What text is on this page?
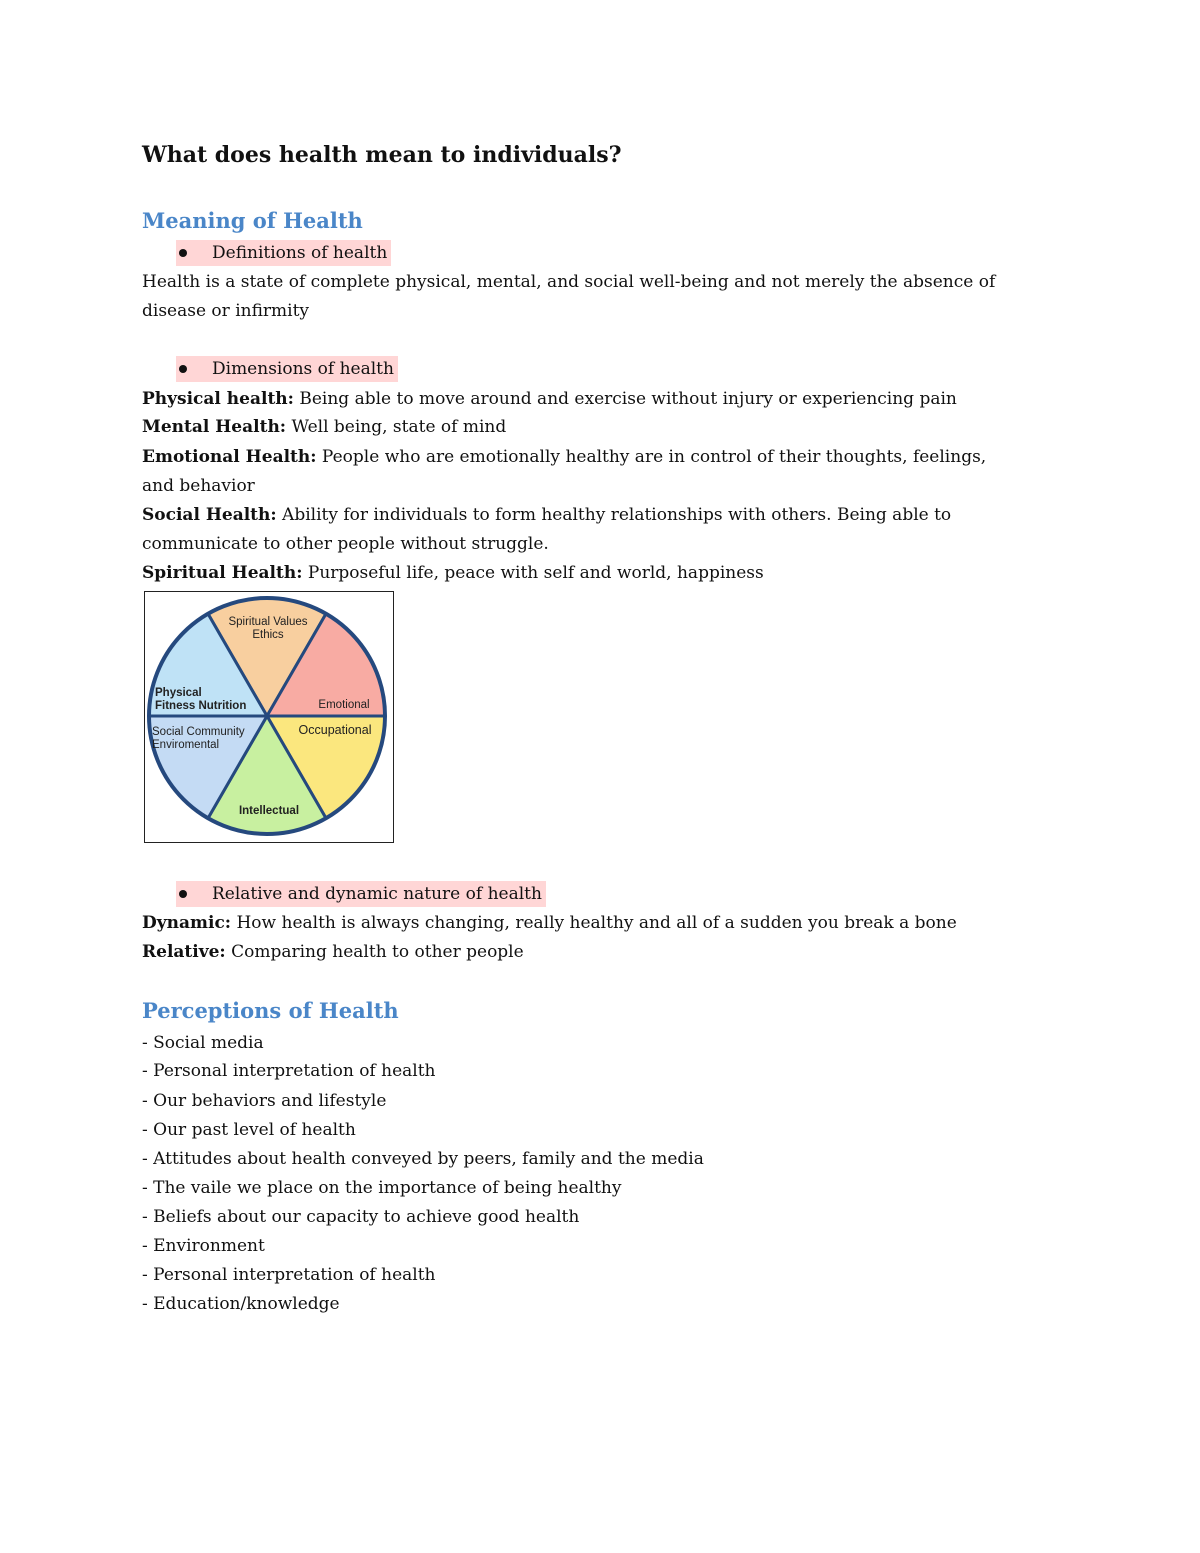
What does health mean to individuals?
Meaning of Health
Definitions of health
Health is a state of complete physical, mental, and social well-being and not merely the absence of
disease or infirmity
Dimensions of health
Physical health: Being able to move around and exercise without injury or experiencing pain
Mental Health: Well being, state of mind
Emotional Health: People who are emotionally healthy are in control of their thoughts, feelings,
and behavior
Social Health: Ability for individuals to form healthy relationships with others. Being able to
communicate to other people without struggle.
Spiritual Health: Purposeful life, peace with self and world, happiness
Spiritual Values
Ethics
Emotional
Physical
Fitness Nutrition
Social Community
Enviromental
Occupational
Intellectual
Relative and dynamic nature of health
Dynamic: How health is always changing, really healthy and all of a sudden you break a bone
Relative: Comparing health to other people
Perceptions of Health
- Social media
- Personal interpretation of health
- Our behaviors and lifestyle
- Our past level of health
- Attitudes about health conveyed by peers, family and the media
- The vaile we place on the importance of being healthy
- Beliefs about our capacity to achieve good health
- Environment
- Personal interpretation of health
- Education/knowledge
